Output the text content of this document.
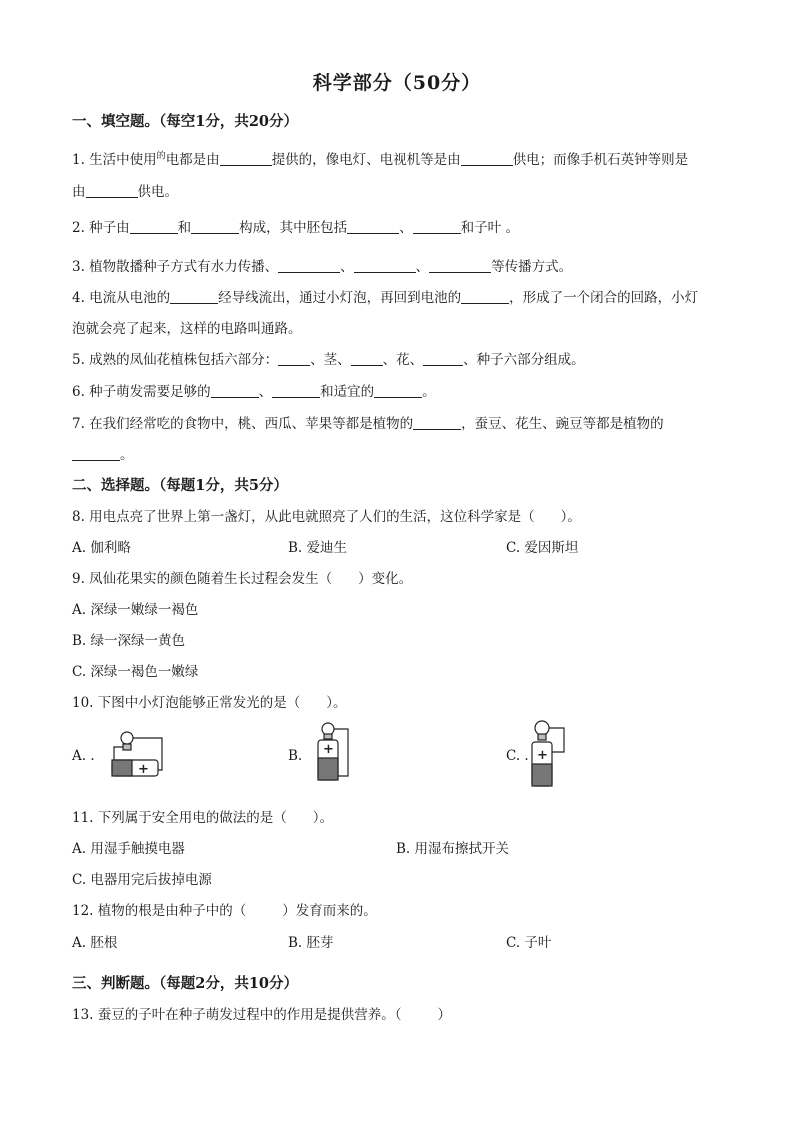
科学部分（50分）
一、填空题。（每空1分，共20分）
1. 生活中使用$^的$电都是由	提供的，像电灯、电视机等是由	供电；而像手机石英钟等则是
由	供电。
2. 种子由	和	构成，其中胚包括	、	和子叶 。
3. 植物散播种子方式有水力传播、	、	、	等传播方式。
4. 电流从电池的	经导线流出，通过小灯泡，再回到电池的	，形成了一个闭合的回路，小灯
泡就会亮了起来，这样的电路叫通路。
5. 成熟的凤仙花植株包括六部分： 、茎、 、花、	、种子六部分组成。
6. 种子萌发需要足够的	、	和适宜的	。
7. 在我们经常吃的食物中，桃、西瓜、苹果等都是植物的	，蚕豆、花生、豌豆等都是植物的
。
二、选择题。（每题1分，共5分）
8. 用电点亮了世界上第一盏灯，从此电就照亮了人们的生活，这位科学家是（ ）。
A. 伽利略	B. 爱迪生	C. 爱因斯坦
9. 凤仙花果实的颜色随着生长过程会发生（ ）变化。
A. 深绿一嫩绿一褐色
B. 绿一深绿一黄色
C. 深绿一褐色一嫩绿
10. 下图中小灯泡能够正常发光的是（ ）。
A. .
+
B. +	C. . +
11. 下列属于安全用电的做法的是（ ）。
A. 用湿手触摸电器	B. 用湿布擦拭开关
C. 电器用完后拔掉电源
12. 植物的根是由种子中的（	）发育而来的。
A. 胚根	B. 胚芽	C. 子叶
三、判断题。（每题2分，共10分）
13. 蚕豆的子叶在种子萌发过程中的作用是提供营养。（	）
